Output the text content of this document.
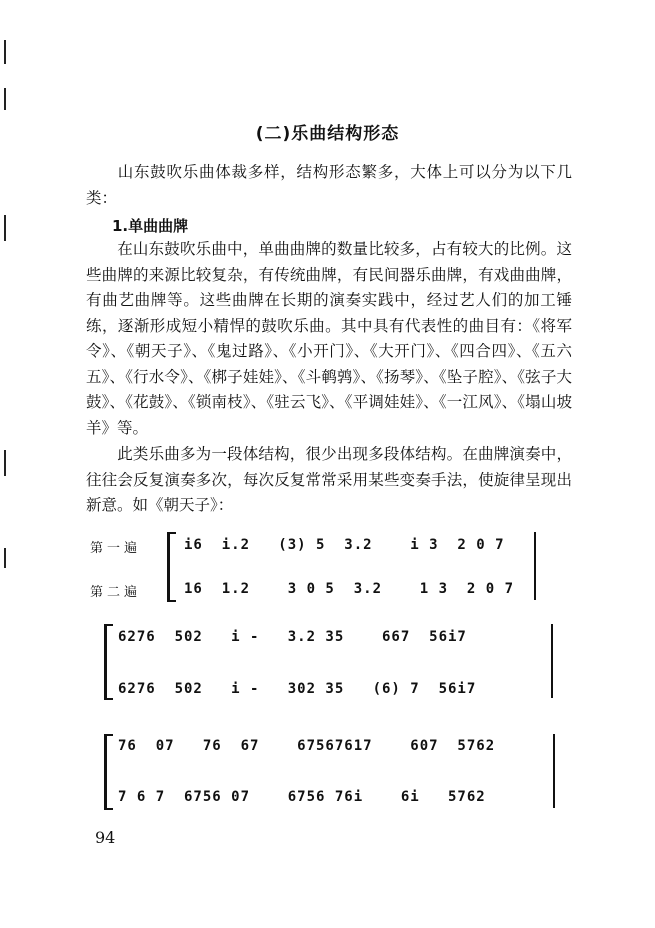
(二)乐曲结构形态
山东鼓吹乐曲体裁多样，结构形态繁多，大体上可以分为以下几类：
1.单曲曲牌
在山东鼓吹乐曲中，单曲曲牌的数量比较多，占有较大的比例。这些曲牌的来源比较复杂，有传统曲牌，有民间器乐曲牌，有戏曲曲牌，有曲艺曲牌等。这些曲牌在长期的演奏实践中，经过艺人们的加工锤练，逐渐形成短小精悍的鼓吹乐曲。其中具有代表性的曲目有：《将军令》、《朝天子》、《鬼过路》、《小开门》、《大开门》、《四合四》、《五六五》、《行水令》、《梆子娃娃》、《斗鹌鹑》、《扬琴》、《坠子腔》、《弦子大鼓》、《花鼓》、《锁南枝》、《驻云飞》、《平调娃娃》、《一江风》、《塌山坡羊》等。
此类乐曲多为一段体结构，很少出现多段体结构。在曲牌演奏中，往往会反复演奏多次，每次反复常常采用某些变奏手法，使旋律呈现出新意。如《朝天子》：
第一遍
第二遍
i6  i.2   (3) 5  3.2    i 3  2 0 7
16  1.2    3 0 5  3.2    1 3  2 0 7
6276  502   i -   3.2 35    667  56i7
6276  502   i -   302 35   (6) 7  56i7
76  07   76  67    67567617    607  5762
7 6 7  6756 07    6756 76i    6i   5762
94
